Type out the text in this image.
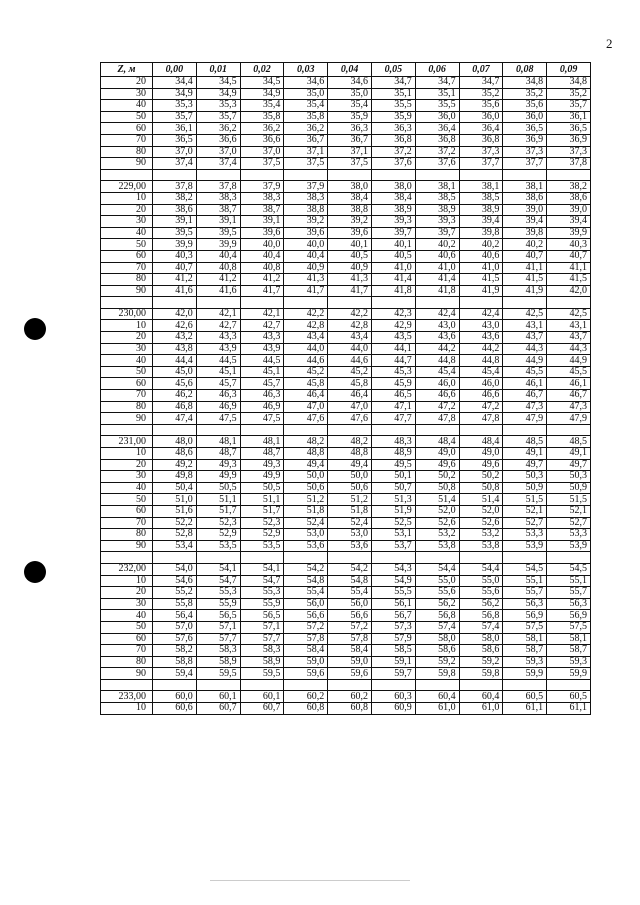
2
Z, м	0,00	0,01	0,02	0,03	0,04	0,05	0,06	0,07	0,08	0,09
20	34,4	34,5	34,5	34,6	34,6	34,7	34,7	34,7	34,8	34,8
30	34,9	34,9	34,9	35,0	35,0	35,1	35,1	35,2	35,2	35,2
40	35,3	35,3	35,4	35,4	35,4	35,5	35,5	35,6	35,6	35,7
50	35,7	35,7	35,8	35,8	35,9	35,9	36,0	36,0	36,0	36,1
60	36,1	36,2	36,2	36,2	36,3	36,3	36,4	36,4	36,5	36,5
70	36,5	36,6	36,6	36,7	36,7	36,8	36,8	36,8	36,9	36,9
80	37,0	37,0	37,0	37,1	37,1	37,2	37,2	37,3	37,3	37,3
90	37,4	37,4	37,5	37,5	37,5	37,6	37,6	37,7	37,7	37,8

229,00	37,8	37,8	37,9	37,9	38,0	38,0	38,1	38,1	38,1	38,2
10	38,2	38,3	38,3	38,3	38,4	38,4	38,5	38,5	38,6	38,6
20	38,6	38,7	38,7	38,8	38,8	38,9	38,9	38,9	39,0	39,0
30	39,1	39,1	39,1	39,2	39,2	39,3	39,3	39,4	39,4	39,4
40	39,5	39,5	39,6	39,6	39,6	39,7	39,7	39,8	39,8	39,9
50	39,9	39,9	40,0	40,0	40,1	40,1	40,2	40,2	40,2	40,3
60	40,3	40,4	40,4	40,4	40,5	40,5	40,6	40,6	40,7	40,7
70	40,7	40,8	40,8	40,9	40,9	41,0	41,0	41,0	41,1	41,1
80	41,2	41,2	41,2	41,3	41,3	41,4	41,4	41,5	41,5	41,5
90	41,6	41,6	41,7	41,7	41,7	41,8	41,8	41,9	41,9	42,0

230,00	42,0	42,1	42,1	42,2	42,2	42,3	42,4	42,4	42,5	42,5
10	42,6	42,7	42,7	42,8	42,8	42,9	43,0	43,0	43,1	43,1
20	43,2	43,3	43,3	43,4	43,4	43,5	43,6	43,6	43,7	43,7
30	43,8	43,9	43,9	44,0	44,0	44,1	44,2	44,2	44,3	44,3
40	44,4	44,5	44,5	44,6	44,6	44,7	44,8	44,8	44,9	44,9
50	45,0	45,1	45,1	45,2	45,2	45,3	45,4	45,4	45,5	45,5
60	45,6	45,7	45,7	45,8	45,8	45,9	46,0	46,0	46,1	46,1
70	46,2	46,3	46,3	46,4	46,4	46,5	46,6	46,6	46,7	46,7
80	46,8	46,9	46,9	47,0	47,0	47,1	47,2	47,2	47,3	47,3
90	47,4	47,5	47,5	47,6	47,6	47,7	47,8	47,8	47,9	47,9

231,00	48,0	48,1	48,1	48,2	48,2	48,3	48,4	48,4	48,5	48,5
10	48,6	48,7	48,7	48,8	48,8	48,9	49,0	49,0	49,1	49,1
20	49,2	49,3	49,3	49,4	49,4	49,5	49,6	49,6	49,7	49,7
30	49,8	49,9	49,9	50,0	50,0	50,1	50,2	50,2	50,3	50,3
40	50,4	50,5	50,5	50,6	50,6	50,7	50,8	50,8	50,9	50,9
50	51,0	51,1	51,1	51,2	51,2	51,3	51,4	51,4	51,5	51,5
60	51,6	51,7	51,7	51,8	51,8	51,9	52,0	52,0	52,1	52,1
70	52,2	52,3	52,3	52,4	52,4	52,5	52,6	52,6	52,7	52,7
80	52,8	52,9	52,9	53,0	53,0	53,1	53,2	53,2	53,3	53,3
90	53,4	53,5	53,5	53,6	53,6	53,7	53,8	53,8	53,9	53,9

232,00	54,0	54,1	54,1	54,2	54,2	54,3	54,4	54,4	54,5	54,5
10	54,6	54,7	54,7	54,8	54,8	54,9	55,0	55,0	55,1	55,1
20	55,2	55,3	55,3	55,4	55,4	55,5	55,6	55,6	55,7	55,7
30	55,8	55,9	55,9	56,0	56,0	56,1	56,2	56,2	56,3	56,3
40	56,4	56,5	56,5	56,6	56,6	56,7	56,8	56,8	56,9	56,9
50	57,0	57,1	57,1	57,2	57,2	57,3	57,4	57,4	57,5	57,5
60	57,6	57,7	57,7	57,8	57,8	57,9	58,0	58,0	58,1	58,1
70	58,2	58,3	58,3	58,4	58,4	58,5	58,6	58,6	58,7	58,7
80	58,8	58,9	58,9	59,0	59,0	59,1	59,2	59,2	59,3	59,3
90	59,4	59,5	59,5	59,6	59,6	59,7	59,8	59,8	59,9	59,9

233,00	60,0	60,1	60,1	60,2	60,2	60,3	60,4	60,4	60,5	60,5
10	60,6	60,7	60,7	60,8	60,8	60,9	61,0	61,0	61,1	61,1
